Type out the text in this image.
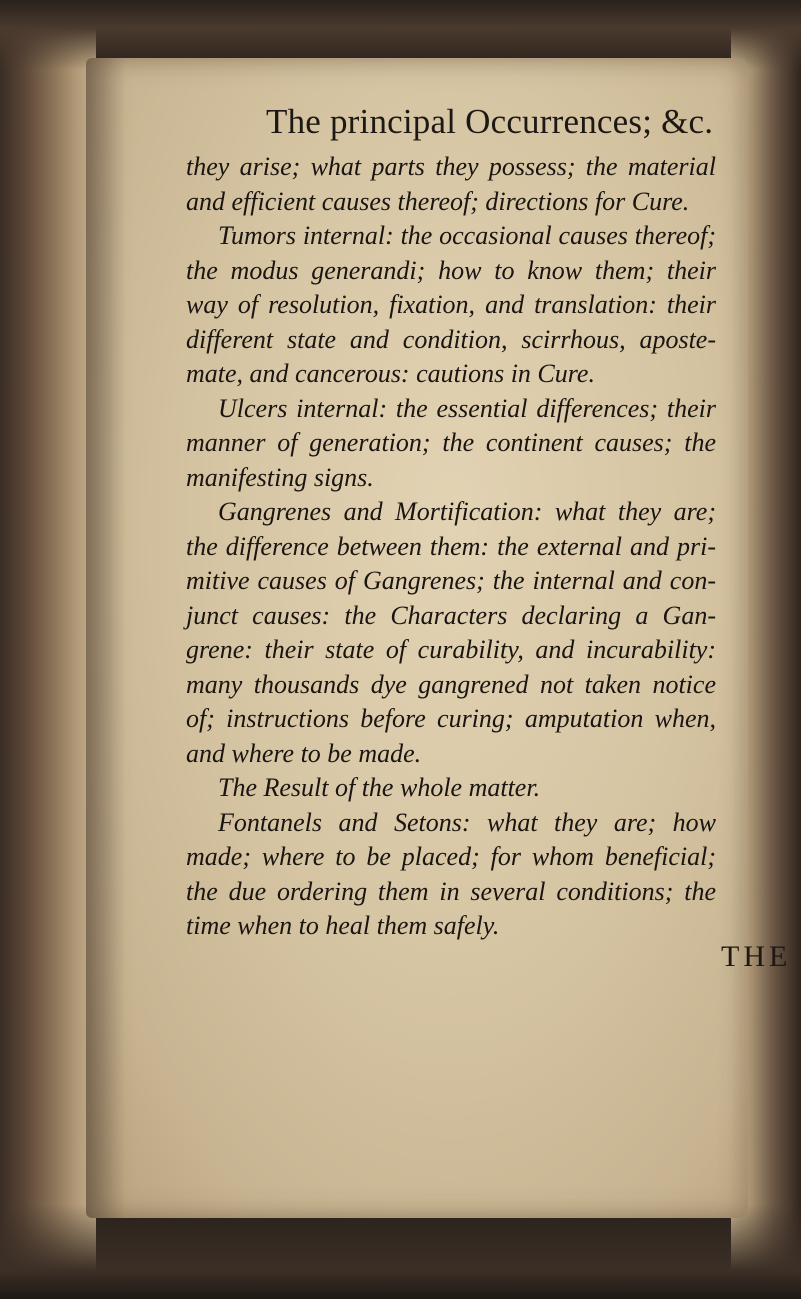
The principal Occurrences; &c.

they arise; what parts they possess; the material and efficient causes thereof; directions for Cure.

Tumors internal: the occasional causes thereof; the modus generandi; how to know them; their way of resolution, fixation, and translation: their different state and condition, scirrhous, aposte-mate, and cancerous: cautions in Cure.

Ulcers internal: the essential differences; their manner of generation; the continent causes; the manifesting signs.

Gangrenes and Mortification: what they are; the difference between them: the external and pri-mitive causes of Gangrenes; the internal and con-junct causes: the Characters declaring a Gan-grene: their state of curability, and incurability: many thousands dye gangrened not taken notice of; instructions before curing; amputation when, and where to be made.

The Result of the whole matter.

Fontanels and Setons: what they are; how made; where to be placed; for whom beneficial; the due ordering them in several conditions; the time when to heal them safely.

THE
